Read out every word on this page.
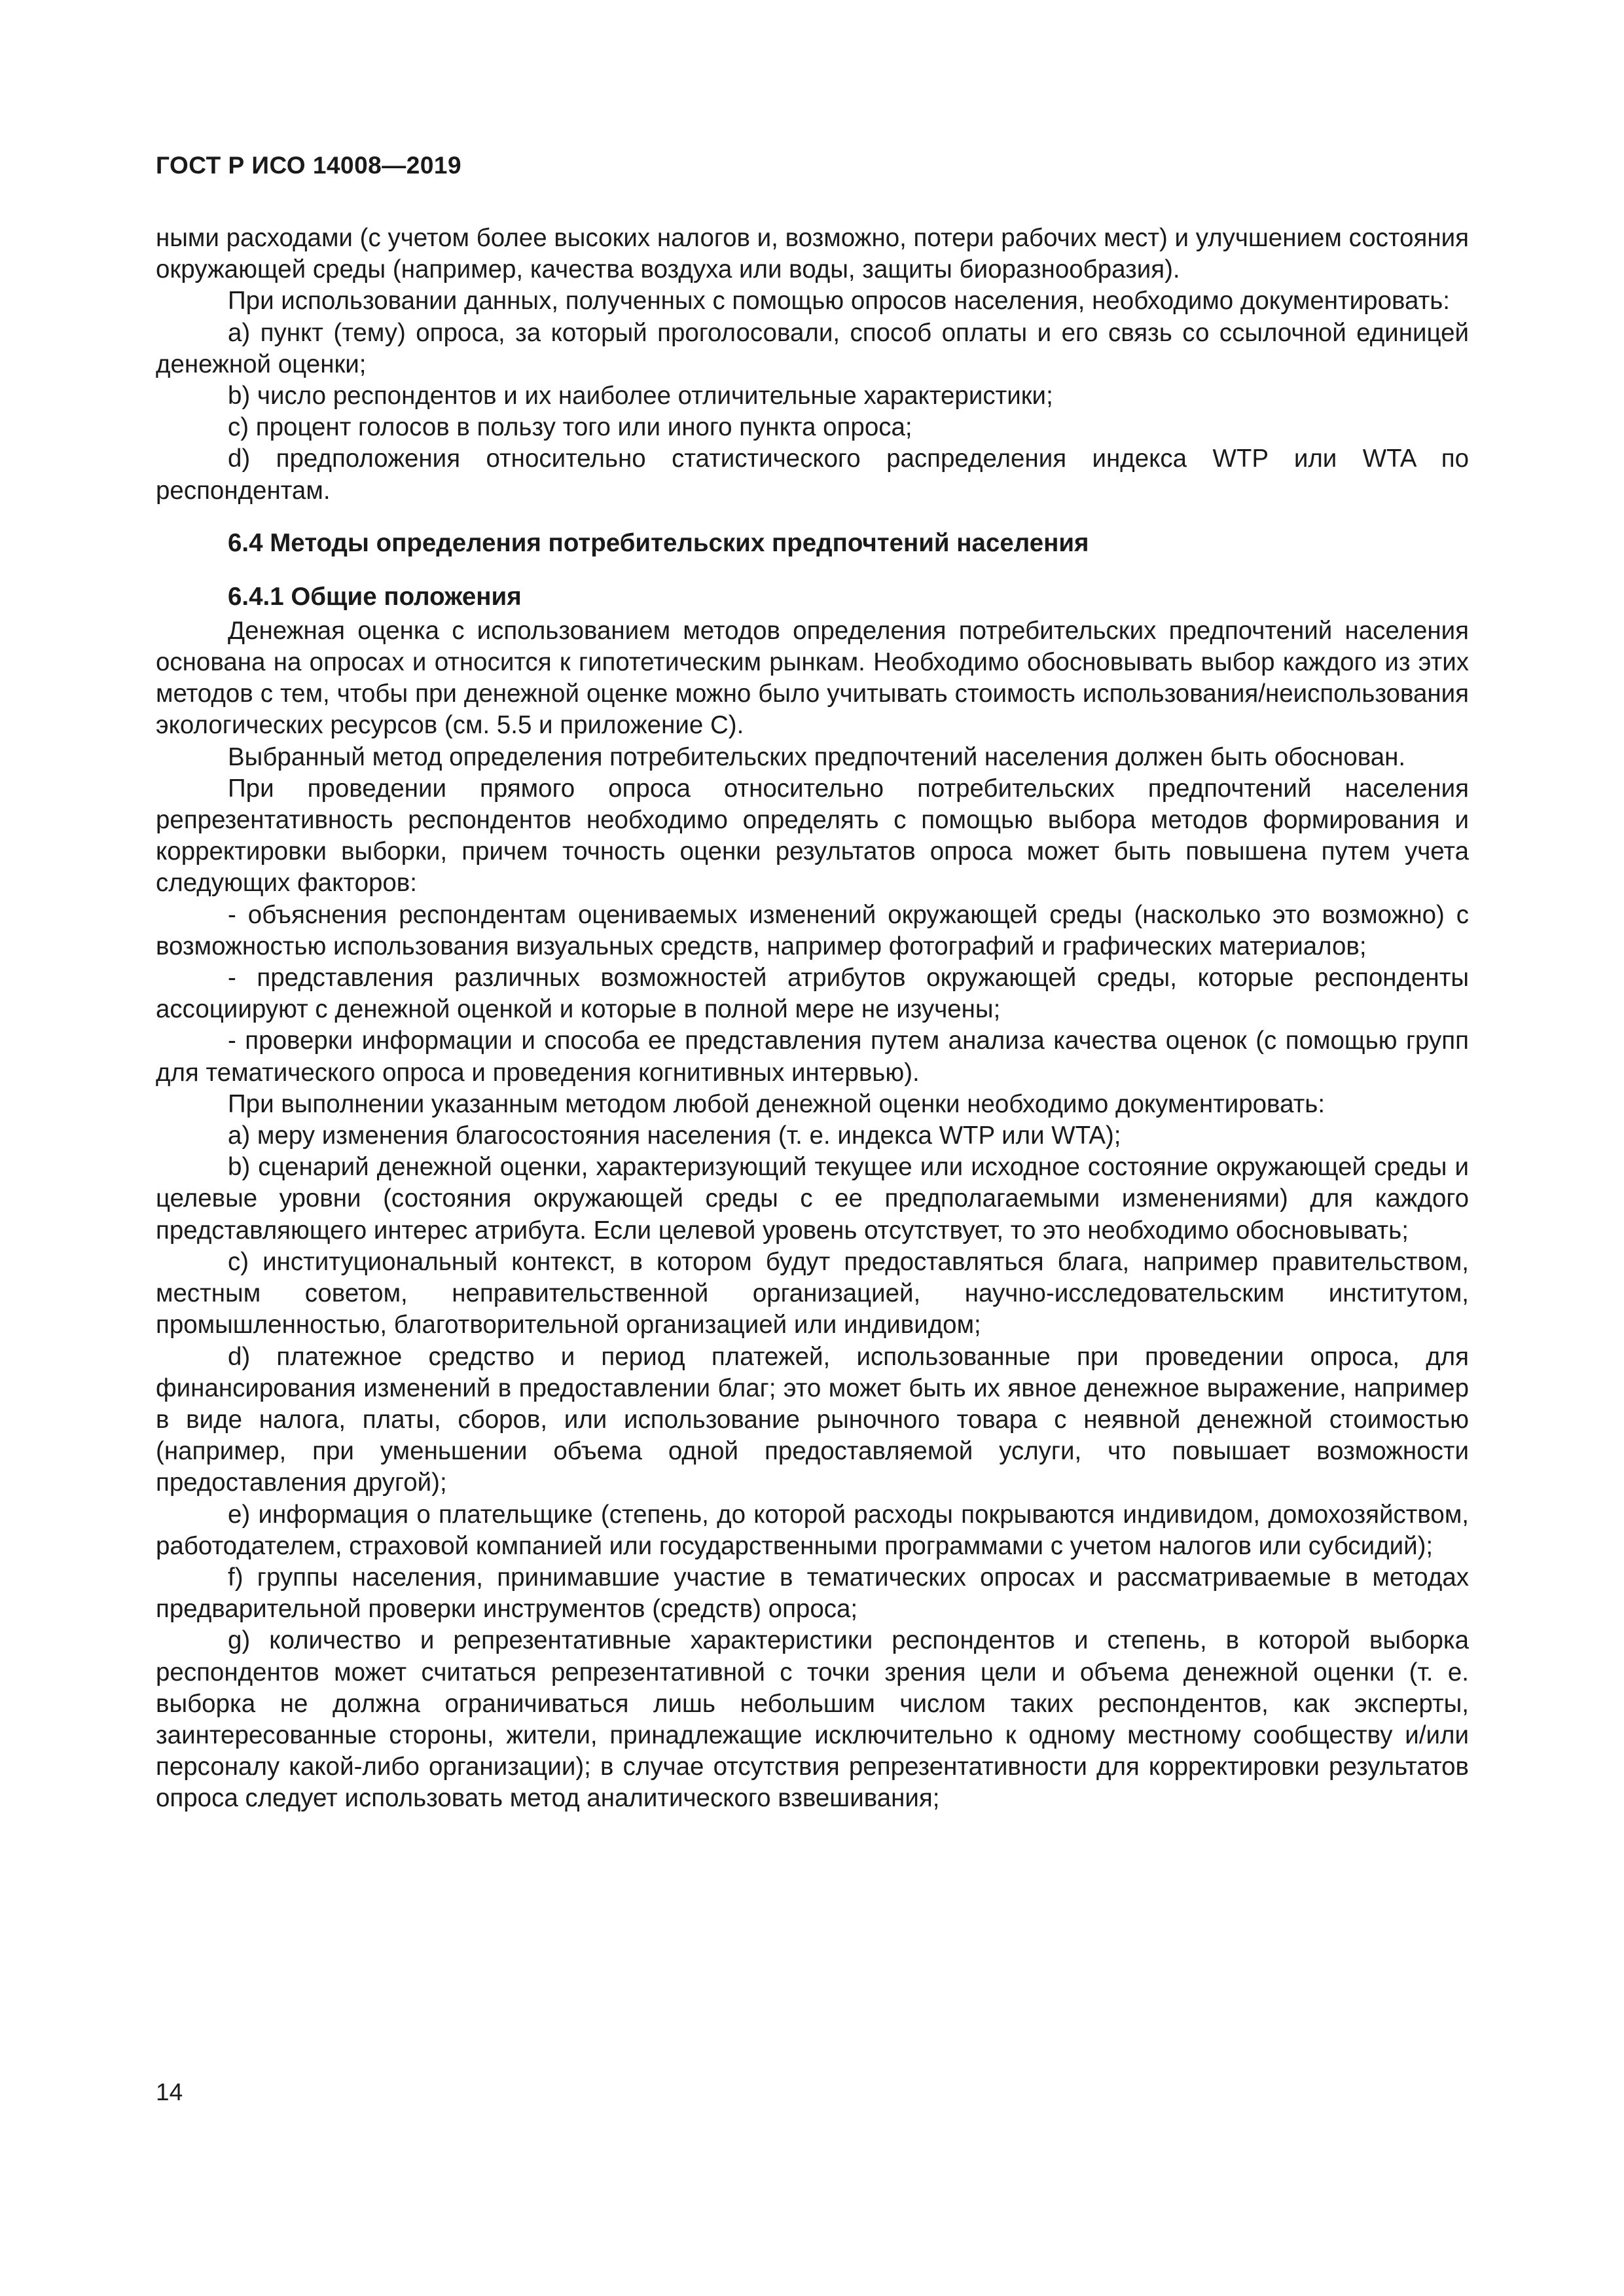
ГОСТ Р ИСО 14008—2019

ными расходами (с учетом более высоких налогов и, возможно, потери рабочих мест) и улучшением состояния окружающей среды (например, качества воздуха или воды, защиты биоразнообразия).

При использовании данных, полученных с помощью опросов населения, необходимо документировать:

a) пункт (тему) опроса, за который проголосовали, способ оплаты и его связь со ссылочной единицей денежной оценки;

b) число респондентов и их наиболее отличительные характеристики;

c) процент голосов в пользу того или иного пункта опроса;

d) предположения относительно статистического распределения индекса WTP или WTA по респондентам.

6.4 Методы определения потребительских предпочтений населения
6.4.1 Общие положения

Денежная оценка с использованием методов определения потребительских предпочтений населения основана на опросах и относится к гипотетическим рынкам. Необходимо обосновывать выбор каждого из этих методов с тем, чтобы при денежной оценке можно было учитывать стоимость использования/неиспользования экологических ресурсов (см. 5.5 и приложение С).

Выбранный метод определения потребительских предпочтений населения должен быть обоснован.

При проведении прямого опроса относительно потребительских предпочтений населения репрезентативность респондентов необходимо определять с помощью выбора методов формирования и корректировки выборки, причем точность оценки результатов опроса может быть повышена путем учета следующих факторов:

- объяснения респондентам оцениваемых изменений окружающей среды (насколько это возможно) с возможностью использования визуальных средств, например фотографий и графических материалов;

- представления различных возможностей атрибутов окружающей среды, которые респонденты ассоциируют с денежной оценкой и которые в полной мере не изучены;

- проверки информации и способа ее представления путем анализа качества оценок (с помощью групп для тематического опроса и проведения когнитивных интервью).

При выполнении указанным методом любой денежной оценки необходимо документировать:

a) меру изменения благосостояния населения (т. е. индекса WTP или WTA);

b) сценарий денежной оценки, характеризующий текущее или исходное состояние окружающей среды и целевые уровни (состояния окружающей среды с ее предполагаемыми изменениями) для каждого представляющего интерес атрибута. Если целевой уровень отсутствует, то это необходимо обосновывать;

c) институциональный контекст, в котором будут предоставляться блага, например правительством, местным советом, неправительственной организацией, научно-исследовательским институтом, промышленностью, благотворительной организацией или индивидом;

d) платежное средство и период платежей, использованные при проведении опроса, для финансирования изменений в предоставлении благ; это может быть их явное денежное выражение, например в виде налога, платы, сборов, или использование рыночного товара с неявной денежной стоимостью (например, при уменьшении объема одной предоставляемой услуги, что повышает возможности предоставления другой);

e) информация о плательщике (степень, до которой расходы покрываются индивидом, домохозяйством, работодателем, страховой компанией или государственными программами с учетом налогов или субсидий);

f) группы населения, принимавшие участие в тематических опросах и рассматриваемые в методах предварительной проверки инструментов (средств) опроса;

g) количество и репрезентативные характеристики респондентов и степень, в которой выборка респондентов может считаться репрезентативной с точки зрения цели и объема денежной оценки (т. е. выборка не должна ограничиваться лишь небольшим числом таких респондентов, как эксперты, заинтересованные стороны, жители, принадлежащие исключительно к одному местному сообществу и/или персоналу какой-либо организации); в случае отсутствия репрезентативности для корректировки результатов опроса следует использовать метод аналитического взвешивания;

14
